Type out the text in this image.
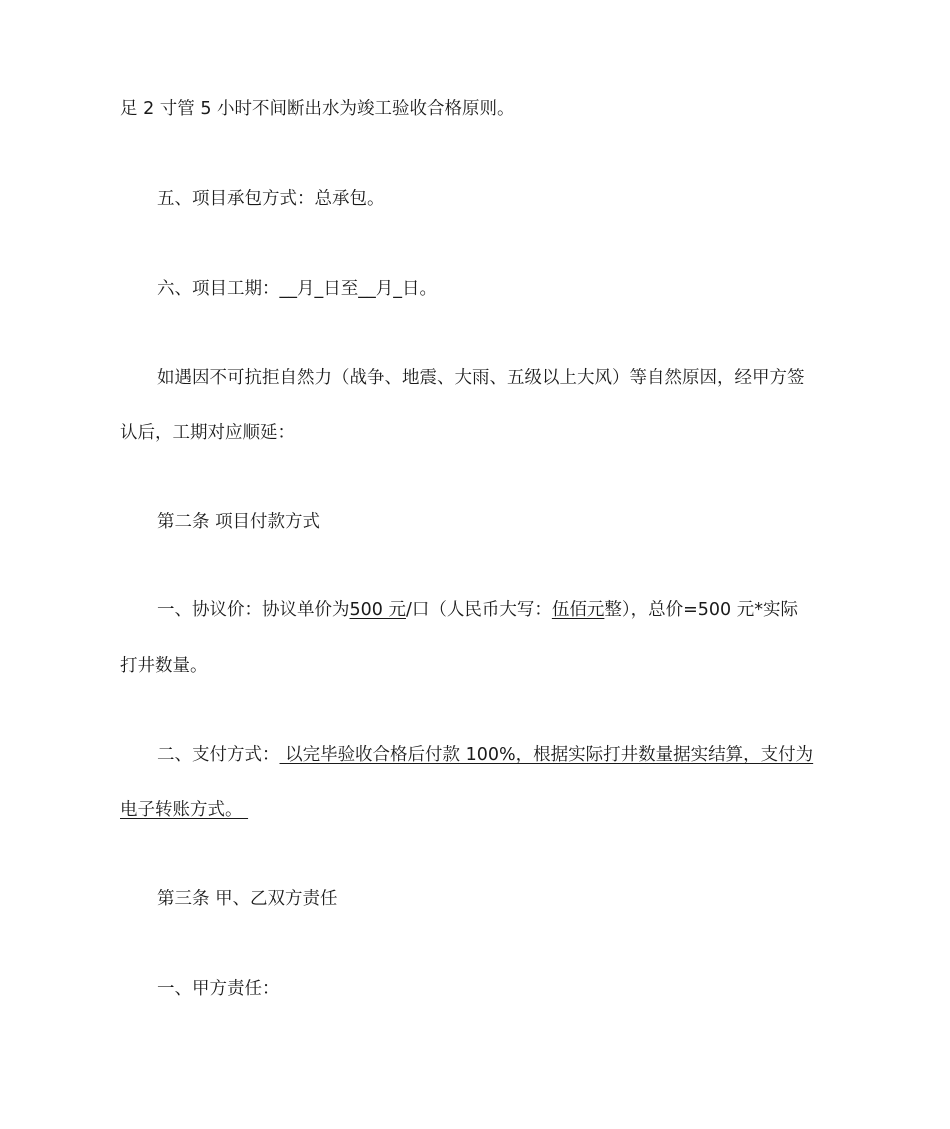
足 2 寸管 5 小时不间断出水为竣工验收合格原则。
五、项目承包方式：总承包。
六、项目工期：__月_日至__月_日。
如遇因不可抗拒自然力（战争、地震、大雨、五级以上大风）等自然原因，经甲方签
认后，工期对应顺延：
第二条 项目付款方式
一、协议价：协议单价为500 元/口（人民币大写：伍佰元整），总价=500 元*实际
打井数量。
二、支付方式： 以完毕验收合格后付款 100%，根据实际打井数量据实结算，支付为
电子转账方式。
第三条 甲、乙双方责任
一、甲方责任：
